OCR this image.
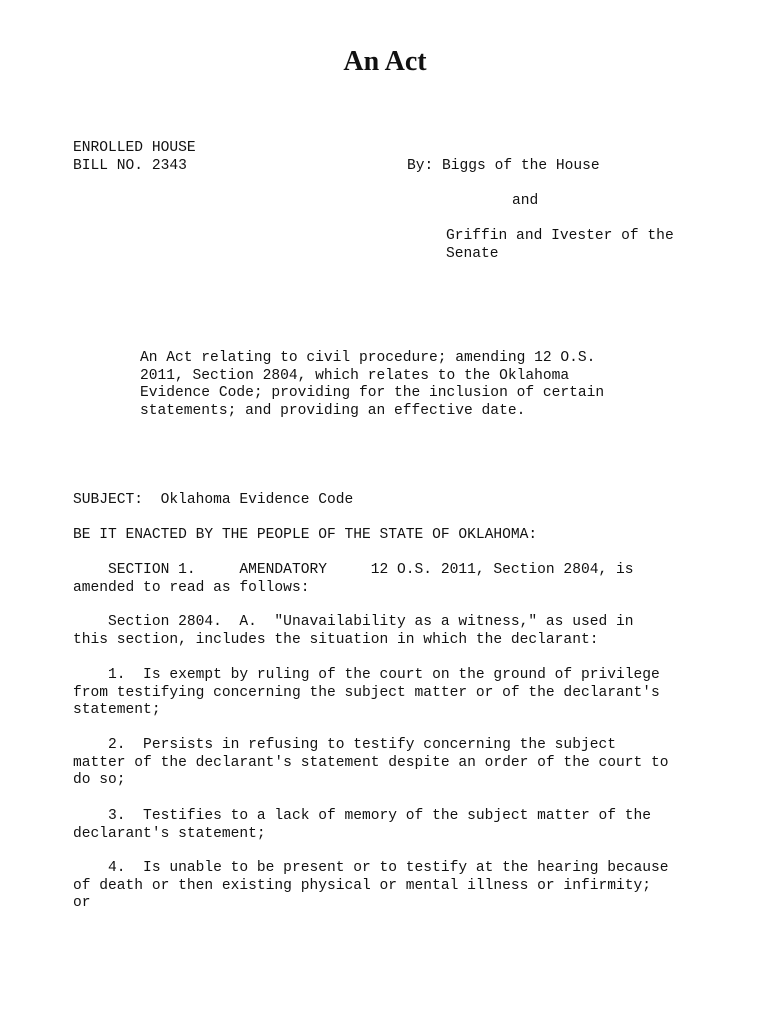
An Act
ENROLLED HOUSE
BILL NO. 2343	By: Biggs of the House
and
Griffin and Ivester of the
Senate
An Act relating to civil procedure; amending 12 O.S.
2011, Section 2804, which relates to the Oklahoma
Evidence Code; providing for the inclusion of certain
statements; and providing an effective date.
SUBJECT:  Oklahoma Evidence Code
BE IT ENACTED BY THE PEOPLE OF THE STATE OF OKLAHOMA:
SECTION 1.     AMENDATORY     12 O.S. 2011, Section 2804, is
amended to read as follows:
Section 2804.  A.  "Unavailability as a witness," as used in
this section, includes the situation in which the declarant:
1.  Is exempt by ruling of the court on the ground of privilege
from testifying concerning the subject matter or of the declarant's
statement;
2.  Persists in refusing to testify concerning the subject
matter of the declarant's statement despite an order of the court to
do so;
3.  Testifies to a lack of memory of the subject matter of the
declarant's statement;
4.  Is unable to be present or to testify at the hearing because
of death or then existing physical or mental illness or infirmity;
or
